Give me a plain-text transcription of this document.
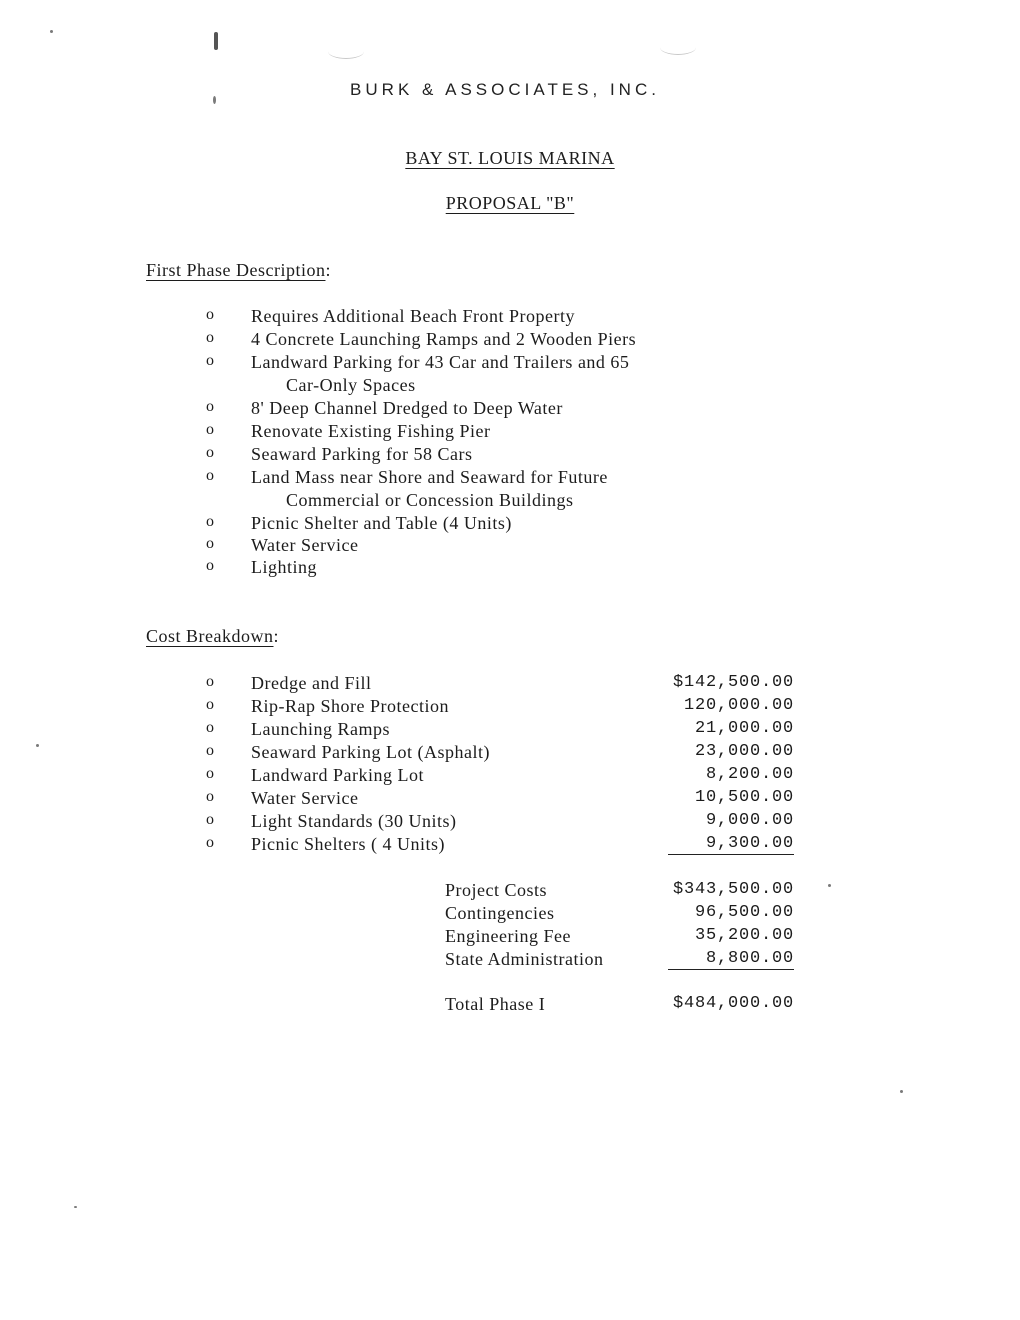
BURK & ASSOCIATES, INC.
BAY ST. LOUIS MARINA
PROPOSAL "B"
First Phase Description:
o Requires Additional Beach Front Property
o 4 Concrete Launching Ramps and 2 Wooden Piers
o Landward Parking for 43 Car and Trailers and 65
Car-Only Spaces
o 8' Deep Channel Dredged to Deep Water
o Renovate Existing Fishing Pier
o Seaward Parking for 58 Cars
o Land Mass near Shore and Seaward for Future
Commercial or Concession Buildings
o Picnic Shelter and Table (4 Units)
o Water Service
o Lighting
Cost Breakdown:
o Dredge and Fill	$142,500.00
o Rip-Rap Shore Protection	120,000.00
o Launching Ramps	21,000.00
o Seaward Parking Lot (Asphalt)	23,000.00
o Landward Parking Lot	8,200.00
o Water Service	10,500.00
o Light Standards (30 Units)	9,000.00
o Picnic Shelters ( 4 Units)	9,300.00
Project Costs	$343,500.00
Contingencies	96,500.00
Engineering Fee	35,200.00
State Administration	8,800.00
Total Phase I	$484,000.00
